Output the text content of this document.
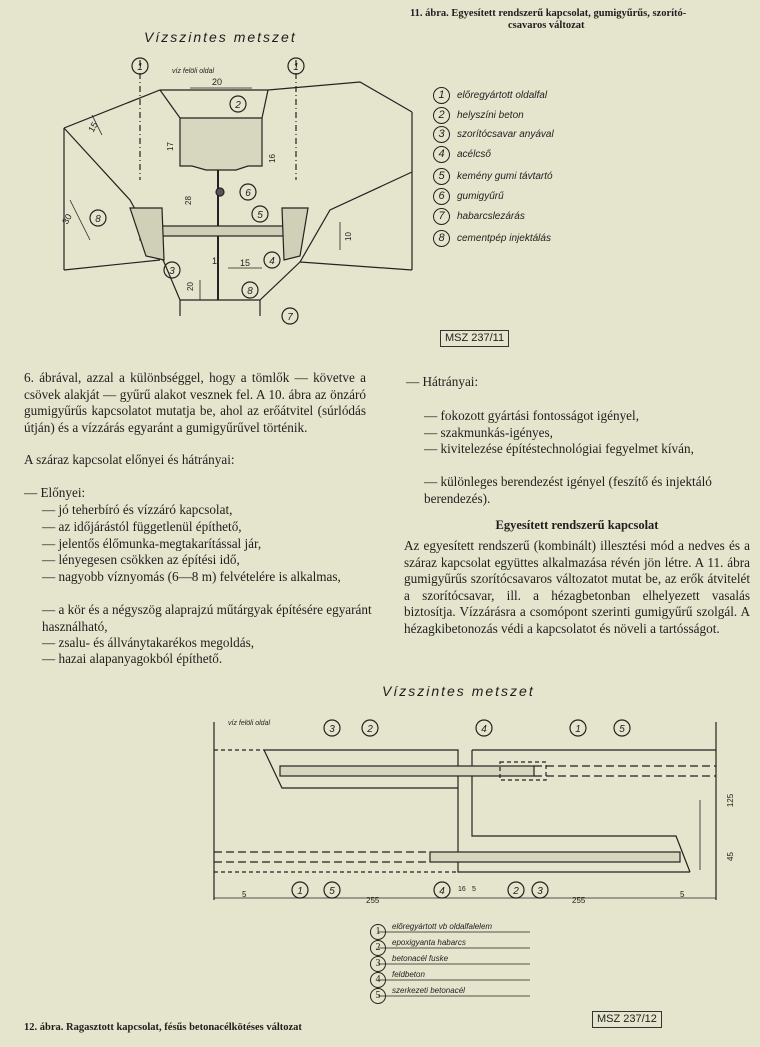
11. ábra. Egyesített rendszerű kapcsolat, gumigyűrűs, szorító-
csavaros változat
Vízszintes metszet
1	1
2
6
5
8
3
4
8
7
víz felöli oldal
20
15
17
16
28
30
10
15
20
1
1 előregyártott oldalfal
2 helyszíni beton
3 szorítócsavar anyával
4 acélcső
5 kemény gumi távtartó
6 gumigyűrű
7 habarcslezárás
8 cementpép injektálás
MSZ 237/11
6. ábrával, azzal a különbséggel, hogy a tömlők — követve a csövek alakját — gyűrű alakot vesznek fel. A 10. ábra az önzáró gumigyűrűs kapcsolatot mutatja be, ahol az erőátvitel (súrlódás útján) és a vízzárás egyaránt a gumigyűrűvel történik.
A száraz kapcsolat előnyei és hátrányai:
— Előnyei:
— jó teherbíró és vízzáró kapcsolat,
— az időjárástól függetlenül építhető,
— jelentős élőmunka-megtakarítással jár,
— lényegesen csökken az építési idő,
— nagyobb víznyomás (6—8 m) felvételére is alkalmas,
— a kör és a négyszög alaprajzú műtárgyak építésére egyaránt használható,
— zsalu- és állványtakarékos megoldás,
— hazai alapanyagokból építhető.
— Hátrányai:
— fokozott gyártási fontosságot igényel,
— szakmunkás-igényes,
— kivitelezése építéstechnológiai fegyelmet kíván,
— különleges berendezést igényel (feszítő és injektáló berendezés).
Egyesített rendszerű kapcsolat
Az egyesített rendszerű (kombinált) illesztési mód a nedves és a száraz kapcsolat együttes alkalmazása révén jön létre. A 11. ábra gumigyűrűs szorítócsavaros változatot mutat be, az erők átvitelét a szorítócsavar, ill. a hézagbetonban elhelyezett vasalás biztosítja. Vízzárásra a csomópont szerinti gumigyűrű szolgál. A hézagkibetonozás védi a kapcsolatot és növeli a tartósságot.
Vízszintes metszet
3	2	4	1	5
1	5	4	2 3
víz felöli oldal
5
255
16 5
255
5
125
45
1	előregyártott vb oldalfalelem
2	epoxigyanta habarcs
3	betonacél fuske
4	feldbeton
5	szerkezeti betonacél
MSZ 237/12
12. ábra. Ragasztott kapcsolat, fésűs betonacélkötéses változat
